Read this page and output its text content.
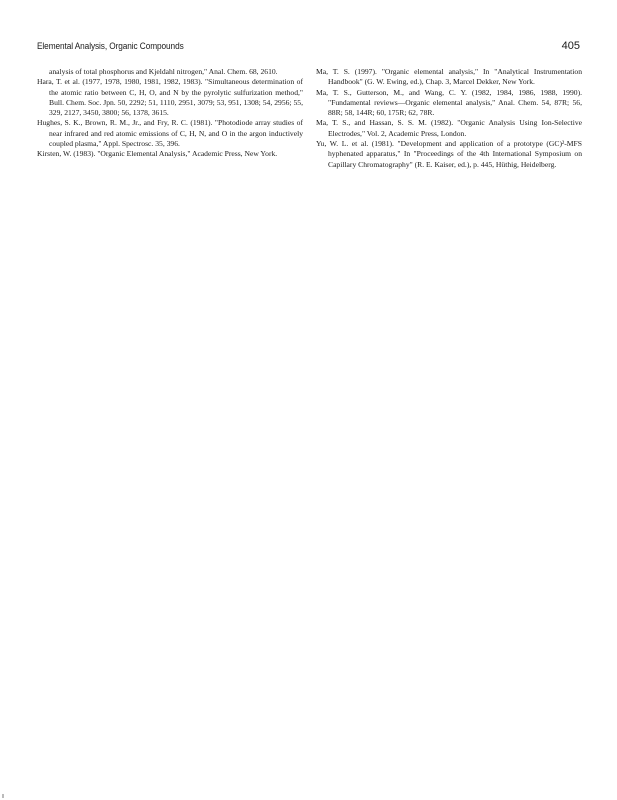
Elemental Analysis, Organic Compounds	405

analysis of total phosphorus and Kjeldahl nitrogen," Anal. Chem. 68, 2610.

Hara, T. et al. (1977, 1978, 1980, 1981, 1982, 1983). "Simultaneous determination of the atomic ratio between C, H, O, and N by the pyrolytic sulfurization method," Bull. Chem. Soc. Jpn. 50, 2292; 51, 1110, 2951, 3079; 53, 951, 1308; 54, 2956; 55, 329, 2127, 3450, 3800; 56, 1378, 3615.

Hughes, S. K., Brown, R. M., Jr., and Fry, R. C. (1981). "Photodiode array studies of near infrared and red atomic emissions of C, H, N, and O in the argon inductively coupled plasma," Appl. Spectrosc. 35, 396.

Kirsten, W. (1983). "Organic Elemental Analysis," Academic Press, New York.

Ma, T. S. (1997). "Organic elemental analysis," In "Analytical Instrumentation Handbook" (G. W. Ewing, ed.), Chap. 3, Marcel Dekker, New York.

Ma, T. S., Gutterson, M., and Wang, C. Y. (1982, 1984, 1986, 1988, 1990). "Fundamental reviews—Organic elemental analysis," Anal. Chem. 54, 87R; 56, 88R; 58, 144R; 60, 175R; 62, 78R.

Ma, T. S., and Hassan, S. S. M. (1982). "Organic Analysis Using Ion-Selective Electrodes," Vol. 2, Academic Press, London.

Yu, W. L. et al. (1981). "Development and application of a prototype (GC)²-MFS hyphenated apparatus," In "Proceedings of the 4th International Symposium on Capillary Chromatography" (R. E. Kaiser, ed.), p. 445, Hüthig, Heidelberg.
